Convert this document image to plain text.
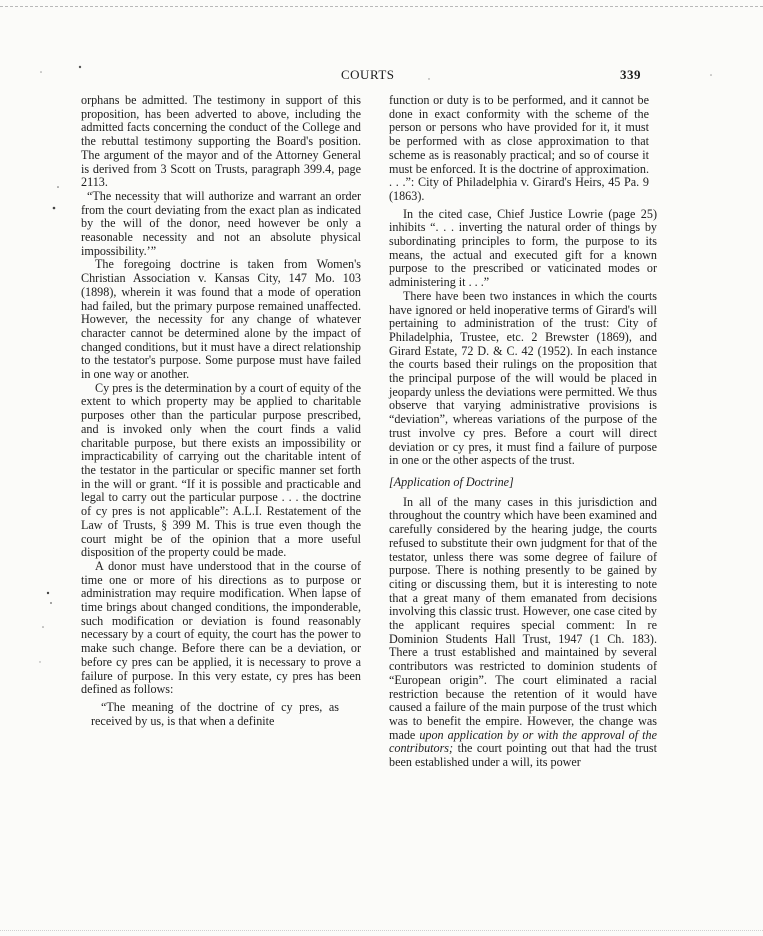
COURTS	339

orphans be admitted. The testimony in support of this proposition, has been adverted to above, including the admitted facts concerning the conduct of the College and the rebuttal testimony supporting the Board's position. The argument of the mayor and of the Attorney General is derived from 3 Scott on Trusts, paragraph 399.4, page 2113.

“The necessity that will authorize and warrant an order from the court deviating from the exact plan as indicated by the will of the donor, need however be only a reasonable necessity and not an absolute physical impossibility.’”

The foregoing doctrine is taken from Women's Christian Association v. Kansas City, 147 Mo. 103 (1898), wherein it was found that a mode of operation had failed, but the primary purpose remained unaffected. However, the necessity for any change of whatever character cannot be determined alone by the impact of changed conditions, but it must have a direct relationship to the testator's purpose. Some purpose must have failed in one way or another.

Cy pres is the determination by a court of equity of the extent to which property may be applied to charitable purposes other than the particular purpose prescribed, and is invoked only when the court finds a valid charitable purpose, but there exists an impossibility or impracticability of carrying out the charitable intent of the testator in the particular or specific manner set forth in the will or grant. “If it is possible and practicable and legal to carry out the particular purpose . . . the doctrine of cy pres is not applicable”: A.L.I. Restatement of the Law of Trusts, § 399 M. This is true even though the court might be of the opinion that a more useful disposition of the property could be made.

A donor must have understood that in the course of time one or more of his directions as to purpose or administration may require modification. When lapse of time brings about changed conditions, the imponderable, such modification or deviation is found reasonably necessary by a court of equity, the court has the power to make such change. Before there can be a deviation, or before cy pres can be applied, it is necessary to prove a failure of purpose. In this very estate, cy pres has been defined as follows:

“The meaning of the doctrine of cy pres, as received by us, is that when a definite

function or duty is to be performed, and it cannot be done in exact conformity with the scheme of the person or persons who have provided for it, it must be performed with as close approximation to that scheme as is reasonably practical; and so of course it must be enforced. It is the doctrine of approximation. . . .”: City of Philadelphia v. Girard's Heirs, 45 Pa. 9 (1863).

In the cited case, Chief Justice Lowrie (page 25) inhibits “. . . inverting the natural order of things by subordinating principles to form, the purpose to its means, the actual and executed gift for a known purpose to the prescribed or vaticinated modes or administering it . . .”

There have been two instances in which the courts have ignored or held inoperative terms of Girard's will pertaining to administration of the trust: City of Philadelphia, Trustee, etc. 2 Brewster (1869), and Girard Estate, 72 D. & C. 42 (1952). In each instance the courts based their rulings on the proposition that the principal purpose of the will would be placed in jeopardy unless the deviations were permitted. We thus observe that varying administrative provisions is “deviation”, whereas variations of the purpose of the trust involve cy pres. Before a court will direct deviation or cy pres, it must find a failure of purpose in one or the other aspects of the trust.

[Application of Doctrine]

In all of the many cases in this jurisdiction and throughout the country which have been examined and carefully considered by the hearing judge, the courts refused to substitute their own judgment for that of the testator, unless there was some degree of failure of purpose. There is nothing presently to be gained by citing or discussing them, but it is interesting to note that a great many of them emanated from decisions involving this classic trust. However, one case cited by the applicant requires special comment: In re Dominion Students Hall Trust, 1947 (1 Ch. 183). There a trust established and maintained by several contributors was restricted to dominion students of “European origin”. The court eliminated a racial restriction because the retention of it would have caused a failure of the main purpose of the trust which was to benefit the empire. However, the change was made upon application by or with the approval of the contributors; the court pointing out that had the trust been established under a will, its power
